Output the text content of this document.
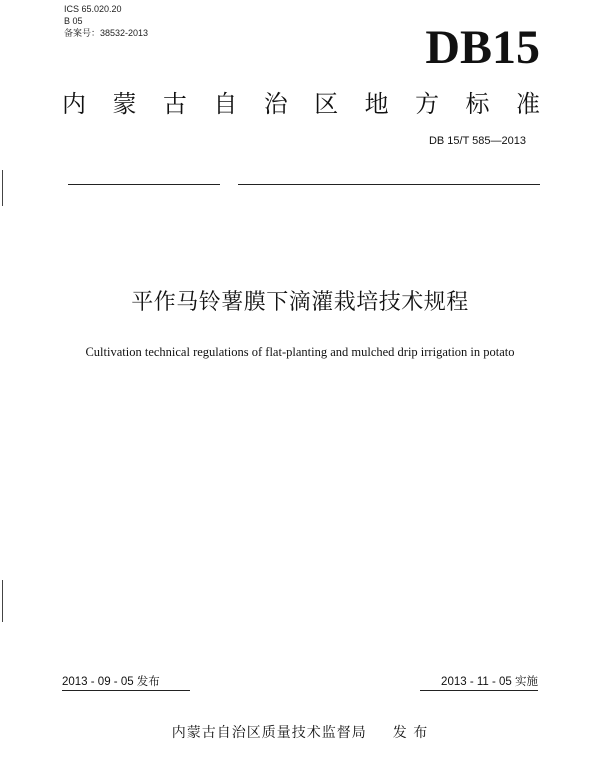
ICS 65.020.20
B 05
备案号：38532-2013	DB15
内 蒙 古 自 治 区 地 方 标 准
DB 15/T 585—2013
平作马铃薯膜下滴灌栽培技术规程
Cultivation technical regulations of flat-planting and mulched drip irrigation in potato
2013 - 09 - 05 发布	2013 - 11 - 05 实施
内蒙古自治区质量技术监督局 发 布
